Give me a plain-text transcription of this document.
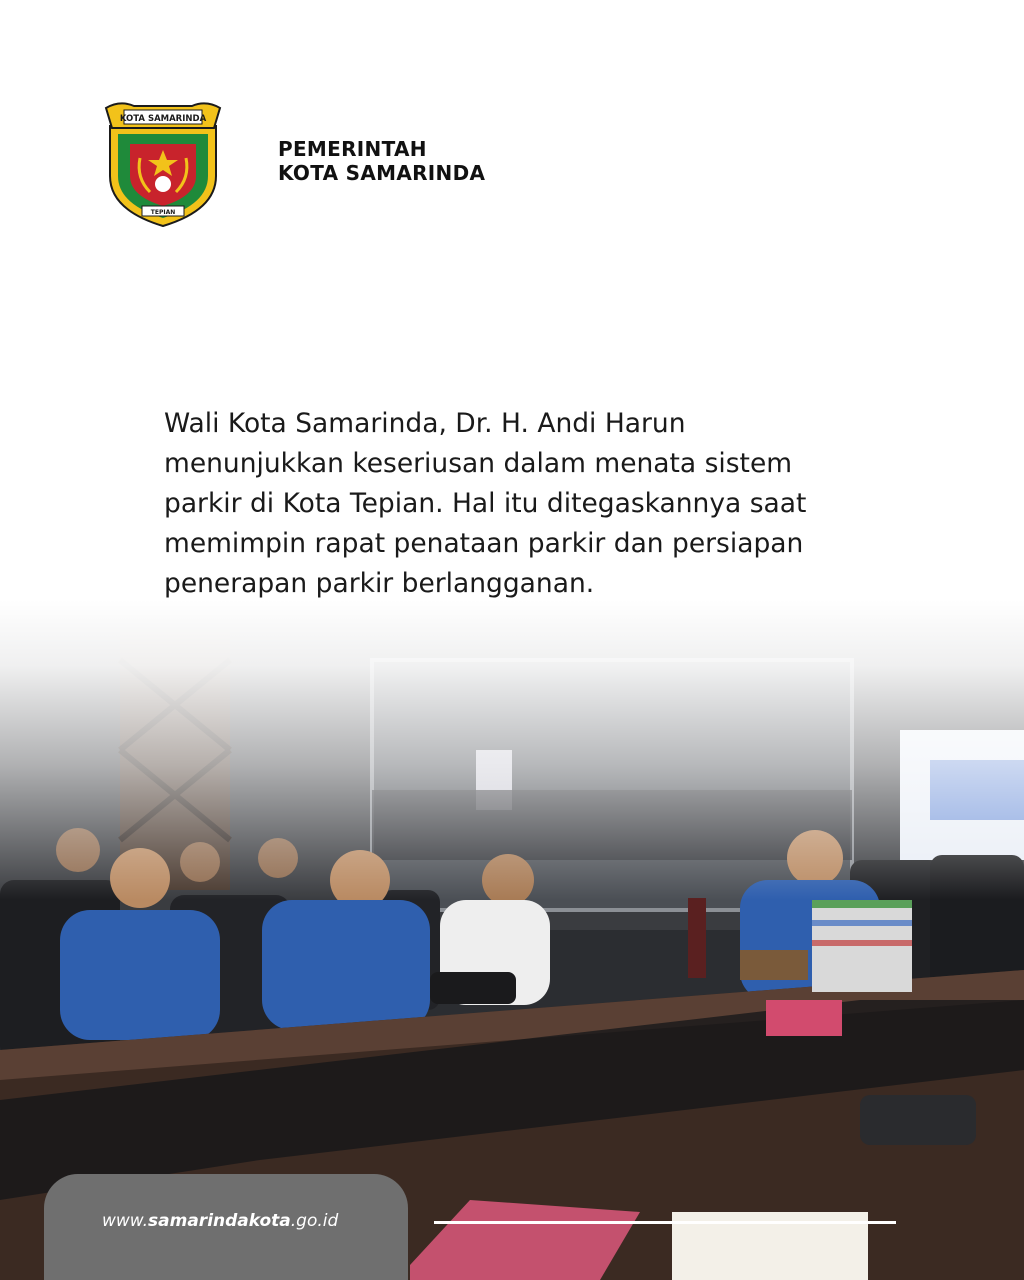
KOTA SAMARINDA
TEPIAN
PEMERINTAH
KOTA SAMARINDA
Wali Kota Samarinda, Dr. H. Andi Harun
menunjukkan keseriusan dalam menata sistem
parkir di Kota Tepian. Hal itu ditegaskannya saat
memimpin rapat penataan parkir dan persiapan
penerapan parkir berlangganan.
www.samarindakota.go.id
